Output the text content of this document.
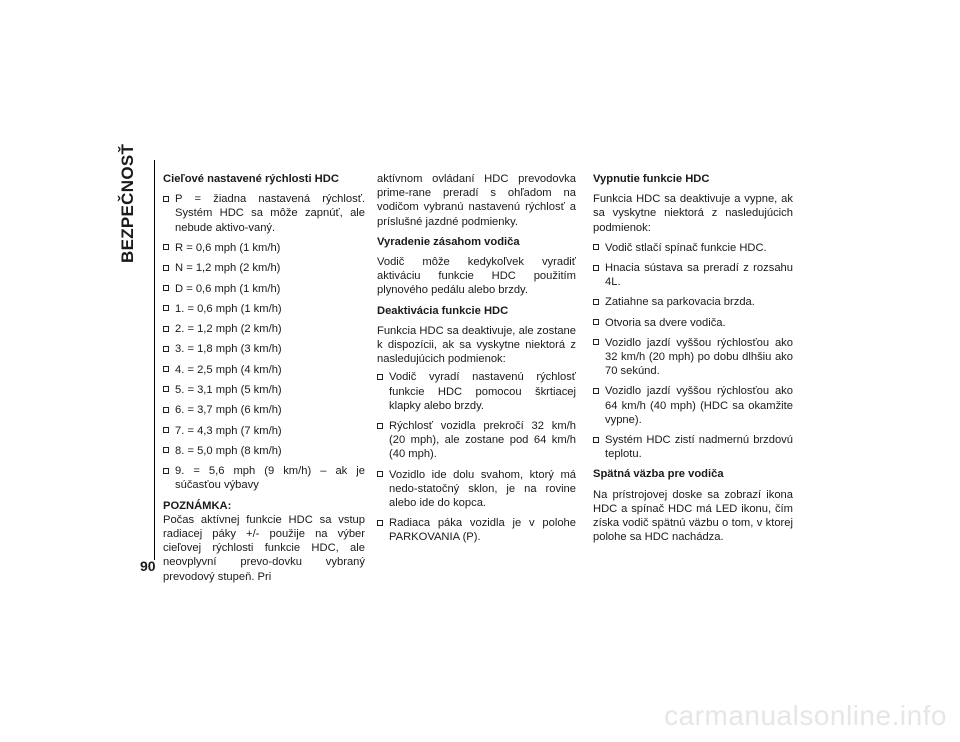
BEZPEČNOSŤ
90
Cieľové nastavené rýchlosti HDC
P = žiadna nastavená rýchlosť. Systém HDC sa môže zapnúť, ale nebude aktivo-vaný.
R = 0,6 mph (1 km/h)
N = 1,2 mph (2 km/h)
D = 0,6 mph (1 km/h)
1. = 0,6 mph (1 km/h)
2. = 1,2 mph (2 km/h)
3. = 1,8 mph (3 km/h)
4. = 2,5 mph (4 km/h)
5. = 3,1 mph (5 km/h)
6. = 3,7 mph (6 km/h)
7. = 4,3 mph (7 km/h)
8. = 5,0 mph (8 km/h)
9. = 5,6 mph (9 km/h) – ak je súčasťou výbavy
POZNÁMKA:
Počas aktívnej funkcie HDC sa vstup radiacej páky +/- použije na výber cieľovej rýchlosti funkcie HDC, ale neovplyvní prevo-dovku vybraný prevodový stupeň. Pri
aktívnom ovládaní HDC prevodovka prime-rane preradí s ohľadom na vodičom vybranú nastavenú rýchlosť a príslušné jazdné podmienky.
Vyradenie zásahom vodiča
Vodič môže kedykoľvek vyradiť aktiváciu funkcie HDC použitím plynového pedálu alebo brzdy.
Deaktivácia funkcie HDC
Funkcia HDC sa deaktivuje, ale zostane k dispozícii, ak sa vyskytne niektorá z nasledujúcich podmienok:
Vodič vyradí nastavenú rýchlosť funkcie HDC pomocou škrtiacej klapky alebo brzdy.
Rýchlosť vozidla prekročí 32 km/h (20 mph), ale zostane pod 64 km/h (40 mph).
Vozidlo ide dolu svahom, ktorý má nedo-statočný sklon, je na rovine alebo ide do kopca.
Radiaca páka vozidla je v polohe PARKOVANIA (P).
Vypnutie funkcie HDC
Funkcia HDC sa deaktivuje a vypne, ak sa vyskytne niektorá z nasledujúcich podmienok:
Vodič stlačí spínač funkcie HDC.
Hnacia sústava sa preradí z rozsahu 4L.
Zatiahne sa parkovacia brzda.
Otvoria sa dvere vodiča.
Vozidlo jazdí vyššou rýchlosťou ako 32 km/h (20 mph) po dobu dlhšiu ako 70 sekúnd.
Vozidlo jazdí vyššou rýchlosťou ako 64 km/h (40 mph) (HDC sa okamžite vypne).
Systém HDC zistí nadmernú brzdovú teplotu.
Spätná väzba pre vodiča
Na prístrojovej doske sa zobrazí ikona HDC a spínač HDC má LED ikonu, čím získa vodič spätnú väzbu o tom, v ktorej polohe sa HDC nachádza.
carmanualsonline.info
